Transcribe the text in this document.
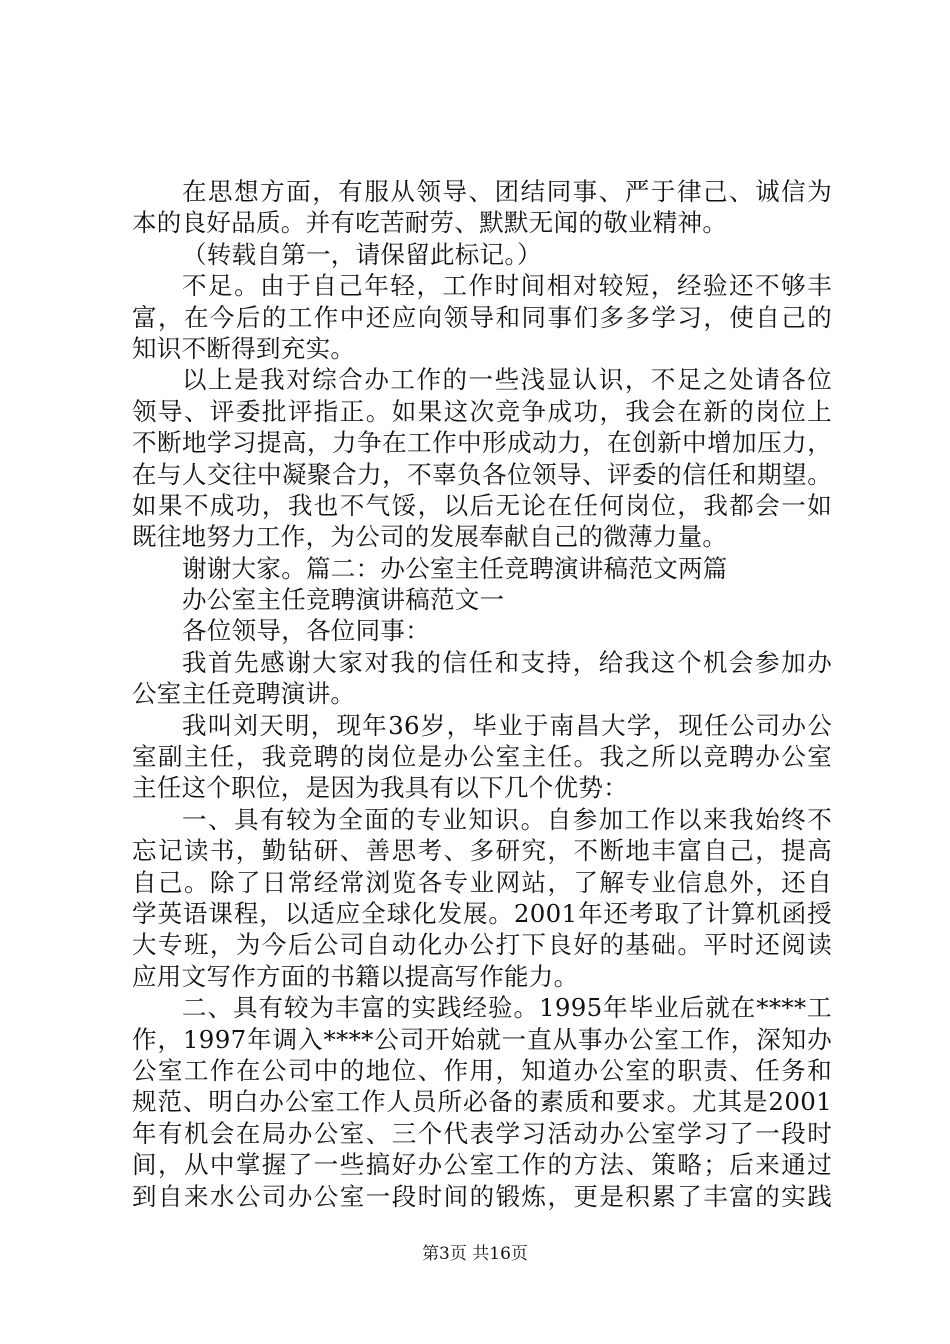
在思想方面，有服从领导、团结同事、严于律己、诚信为
本的良好品质。并有吃苦耐劳、默默无闻的敬业精神。
（转载自第一，请保留此标记。）
不足。由于自己年轻，工作时间相对较短，经验还不够丰
富，在今后的工作中还应向领导和同事们多多学习，使自己的
知识不断得到充实。
以上是我对综合办工作的一些浅显认识，不足之处请各位
领导、评委批评指正。如果这次竞争成功，我会在新的岗位上
不断地学习提高，力争在工作中形成动力，在创新中增加压力，
在与人交往中凝聚合力，不辜负各位领导、评委的信任和期望。
如果不成功，我也不气馁，以后无论在任何岗位，我都会一如
既往地努力工作，为公司的发展奉献自己的微薄力量。
谢谢大家。篇二：办公室主任竞聘演讲稿范文两篇
办公室主任竞聘演讲稿范文一
各位领导，各位同事：
我首先感谢大家对我的信任和支持，给我这个机会参加办
公室主任竞聘演讲。
我叫刘天明，现年36岁，毕业于南昌大学，现任公司办公
室副主任，我竞聘的岗位是办公室主任。我之所以竞聘办公室
主任这个职位，是因为我具有以下几个优势：
一、具有较为全面的专业知识。自参加工作以来我始终不
忘记读书，勤钻研、善思考、多研究，不断地丰富自己，提高
自己。除了日常经常浏览各专业网站，了解专业信息外，还自
学英语课程，以适应全球化发展。2001年还考取了计算机函授
大专班，为今后公司自动化办公打下良好的基础。平时还阅读
应用文写作方面的书籍以提高写作能力。
二、具有较为丰富的实践经验。1995年毕业后就在****工
作，1997年调入****公司开始就一直从事办公室工作，深知办
公室工作在公司中的地位、作用，知道办公室的职责、任务和
规范、明白办公室工作人员所必备的素质和要求。尤其是2001
年有机会在局办公室、三个代表学习活动办公室学习了一段时
间，从中掌握了一些搞好办公室工作的方法、策略；后来通过
到自来水公司办公室一段时间的锻炼，更是积累了丰富的实践
第3页 共16页
